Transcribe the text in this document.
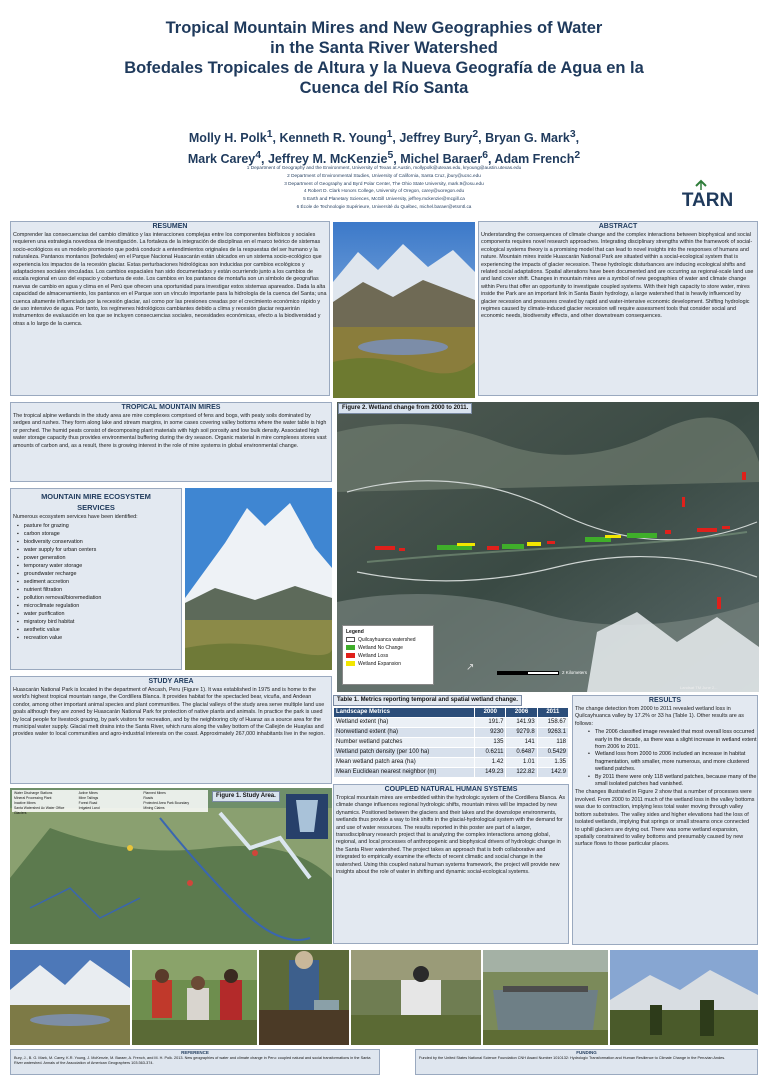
Tropical Mountain Mires and New Geographies of Water
in the Santa River Watershed
Bofedales Tropicales de Altura y la Nueva Geografía de Agua en la
Cuenca del Río Santa
Molly H. Polk$^1$, Kenneth R. Young$^1$, Jeffrey Bury$^2$, Bryan G. Mark$^3$,
Mark Carey$^4$, Jeffrey M. McKenzie$^5$, Michel Baraer$^6$, Adam French$^2$
1 Department of Geography and the Environment, University of Texas at Austin, mollypolk@utexas.edu, kryoung@austin.utexas.edu
2 Department of Environmental Studies, University of California, Santa Cruz, jbury@ucsc.edu
3 Department of Geography and Byrd Polar Center, The Ohio State University, mark.9@osu.edu
4 Robert D. Clark Honors College, University of Oregon, carey@uoregon.edu
5 Earth and Planetary Sciences, McGill University, jeffrey.mckenzie@mcgill.ca
6 École de Technologie Supérieure, Université du Québec, michel.baraer@etsmtl.ca	TARN
RESUMEN
Comprender las consecuencias del cambio climático y las interacciones complejas entre los componentes biofísicos y sociales requieren una estrategia novedosa de investigación. La fortaleza de la integración de disciplinas en el marco teórico de sistemas socio-ecológicos es un modelo promisorio que podrá conducir a entendimientos originales de la respuestas del ser humano y la naturaleza. Pantanos montanos (bofedales) en el Parque Nacional Huascarán están ubicados en un sistema socio-ecológico que experiencia los impactos de la recesión glaciar. Estas perturbaciones hidrológicas son inducidas por cambios ecológicos y adaptaciones sociales vinculadas. Los cambios espaciales han sido documentados y están ocurriendo junto a los cambios de escala regional en uso del espacio y cobertura de este. Los cambios en los pantanos de montaña son un símbolo de geografías nuevas de cambio en agua y clima en el Perú que ofrecen una oportunidad para investigar estos sistemas apareados. Dada la alta capacidad de almacenamiento, los pantanos en el Parque son un vínculo importante para la hidrología de la cuenca del Santa; una cuenca altamente influenciada por la recesión glaciar, así como por las presiones creadas por el crecimiento económico rápido y de uso intensivo de agua. Por tanto, los regímenes hidrológicos cambiantes debido a clima y recesión glaciar requerirán instrumentos de evaluación en los que se incluyen consecuencias sociales, necesidades económicas, efecto a la biodiversidad y otras a lo largo de la cuenca.
ABSTRACT
Understanding the consequences of climate change and the complex interactions between biophysical and social components requires novel research approaches. Integrating disciplinary strengths within the framework of social-ecological systems theory is a promising model that can lead to novel insights into the responses of humans and nature. Mountain mires inside Huascarán National Park are situated within a social-ecological system that is experiencing the impacts of glacier recession. These hydrologic disturbances are inducing ecological shifts and related social adaptations. Spatial alterations have been documented and are occurring as regional-scale land use and land cover shift. Changes in mountain mires are a symbol of new geographies of water and climate change within Peru that offer an opportunity to investigate coupled systems. With their high capacity to store water, mires inside the Park are an important link in Santa Basin hydrology, a large watershed that is heavily influenced by glacier recession and pressures created by rapid and water-intensive economic development. Shifting hydrologic regimes caused by climate-induced glacier recession will require assessment tools that consider social and economic needs, biodiversity effects, and other downstream consequences.
TROPICAL MOUNTAIN MIRES
The tropical alpine wetlands in the study area are mire complexes comprised of fens and bogs, with peaty soils dominated by sedges and rushes. They form along lake and stream margins, in some cases covering valley bottoms where the water table is high or perched. The humid peats consist of decomposing plant materials with high soil porosity and low bulk density. Associated high water storage capacity thus provides environmental buffering during the dry season. Organic material in mire complexes stores vast amounts of carbon and, as a result, there is growing interest in the role of mire systems in global environmental change.
MOUNTAIN MIRE ECOSYSTEM
SERVICES
Numerous ecosystem services have been identified:
▪ pasture for grazing
▪ carbon storage
▪ biodiversity conservation
▪ water supply for urban centers
▪ power generation
▪ temporary water storage
▪ groundwater recharge
▪ sediment accretion
▪ nutrient filtration
▪ pollution removal/bioremediation
▪ microclimate regulation
▪ water purification
▪ migratory bird habitat
▪ aesthetic value
▪ recreation value
Figure 2. Wetland change from 2000 to 2011.
Legend
Quilcayhuanca watershed
Wetland No Change
Wetland Loss
Wetland Expansion
2 Kilometers
↗
Landsat TM June 2...
STUDY AREA
Huascarán National Park is located in the department of Ancash, Peru (Figure 1). It was established in 1975 and is home to the world's highest tropical mountain range, the Cordillera Blanca. It provides habitat for the spectacled bear, vicuña, and Andean condor, among other important animal species and plant communities. The glacial valleys of the study area serve multiple land use goals although they are zoned by Huascarán National Park for protection of native plants and animals. In practice the park is used by local people for livestock grazing, by park visitors for recreation, and by the neighboring city of Huaraz as a source area for the municipal water supply. Glacial melt drains into the Santa River, which runs along the valley bottom of the Callejón de Huaylas and provides water to local communities and agro-industrial interests on the coast. Approximately 267,000 inhabitants live in the region.
Water Discharge Stations	Active Mines	Planned Mines
Mineral Processing Plant	Mine Tailings	Roads
Inactive Mines	Forest Road	Protected Area Park Boundary
Santa Watershed Ac Water Office	Irrigated Land	Mining Claims
Glaciers
Figure 1. Study Area.
Table 1. Metrics reporting temporal and spatial wetland change.
Landscape Metrics	2000	2006	2011
Wetland extent (ha)	191.7	141.93	158.67
Nonwetland extent (ha)	9230	9279.8	9263.1
Number wetland patches	135	141	118
Wetland patch density (per 100 ha)	0.6211	0.6487	0.5429
Mean wetland patch area (ha)	1.42	1.01	1.35
Mean Euclidean nearest neighbor (m)	149.23	122.82	142.9
COUPLED NATURAL HUMAN SYSTEMS
Tropical mountain mires are embedded within the hydrologic system of the Cordillera Blanca. As climate change influences regional hydrologic shifts, mountain mires will be impacted by new dynamics. Positioned between the glaciers and their lakes and the downslope environments, wetlands thus provide a way to link shifts in the glacial-hydrological system with the demand for and use of water resources. The results reported in this poster are part of a larger, transdisciplinary research project that is analyzing the complex interactions among global, regional, and local processes of anthropogenic and biophysical drivers of hydrologic change in the Santa River watershed. The project takes an approach that is both collaborative and integrated to empirically examine the effects of recent climatic and social change in the watershed. Using this coupled natural human systems framework, the project will provide new insights about the role of water in shifting and dynamic social-ecological systems.
RESULTS
The change detection from 2000 to 2011 revealed wetland loss in Quilcayhuanca valley by 17.2% or 33 ha (Table 1). Other results are as follows:
• The 2006 classified image revealed that most overall loss occurred early in the decade, as there was a slight increase in wetland extent from 2006 to 2011.
• Wetland loss from 2000 to 2006 included an increase in habitat fragmentation, with smaller, more numerous, and more clustered wetland patches.
• By 2011 there were only 118 wetland patches, because many of the small isolated patches had vanished.
The changes illustrated in Figure 2 show that a number of processes were involved. From 2000 to 2011 much of the wetland loss in the valley bottoms was due to contraction, implying less total water moving through valley bottom substrates. The valley sides and higher elevations had the loss of isolated wetlands, implying that springs or small streams once connected to uphill glaciers are drying out. There was some wetland expansion, spatially constrained to valley bottoms and presumably caused by new surface flows to those particular places.
REFERENCE
Bury, J., B. G. Mark, M. Carey, K.R. Young, J. McKenzie, M. Baraer, A. French, and M. H. Polk. 2013. New geographies of water and climate change in Peru: coupled natural and social transformations in the Santa River watershed. Annals of the Association of American Geographers 103:363-374.
FUNDING
Funded by the United States National Science Foundation CNH Award Number 1010132: Hydrologic Transformation and Human Resilience to Climate Change in the Peruvian Andes.
